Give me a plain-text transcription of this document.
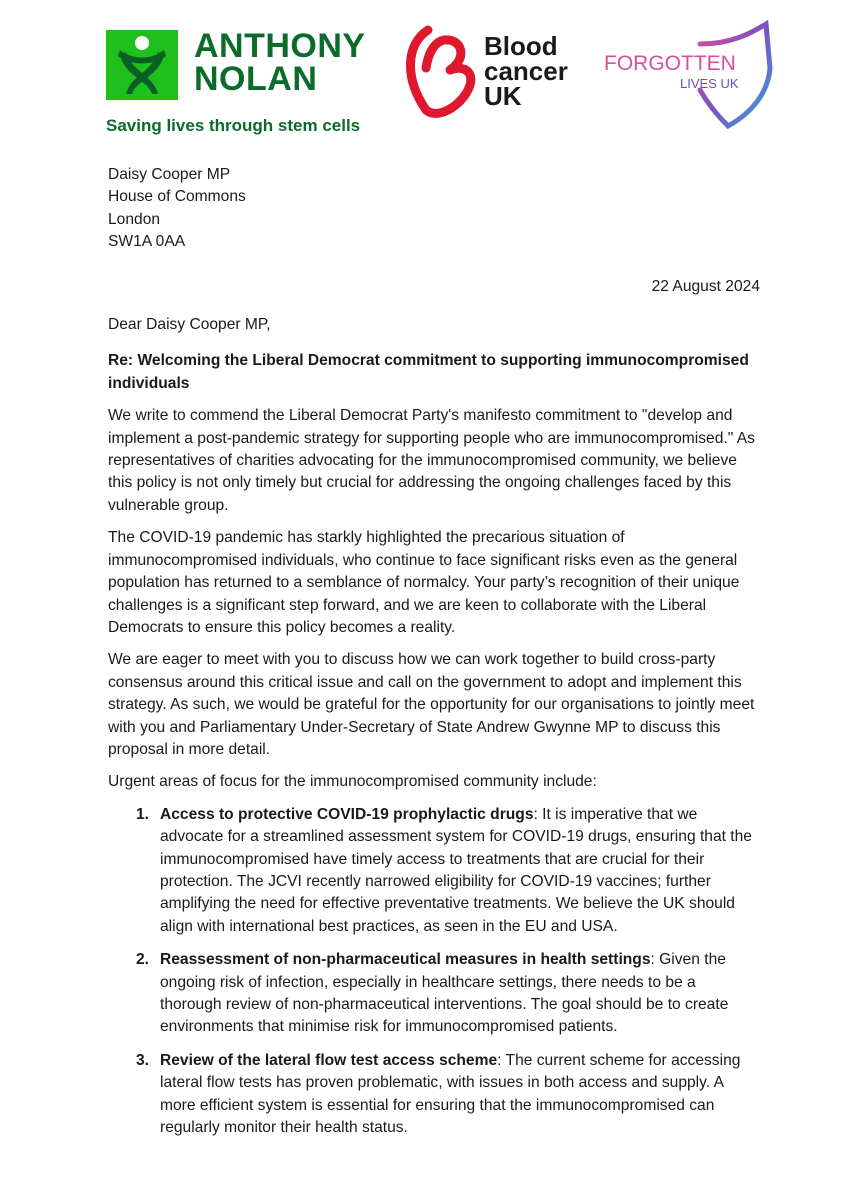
ANTHONY
NOLAN
Saving lives through stem cells
Blood
cancer
UK
FORGOTTEN
LIVES UK
Daisy Cooper MP
House of Commons
London
SW1A 0AA
22 August 2024
Dear Daisy Cooper MP,
Re: Welcoming the Liberal Democrat commitment to supporting immunocompromised individuals

We write to commend the Liberal Democrat Party's manifesto commitment to "develop and implement a post-pandemic strategy for supporting people who are immunocompromised." As representatives of charities advocating for the immunocompromised community, we believe this policy is not only timely but crucial for addressing the ongoing challenges faced by this vulnerable group.

The COVID-19 pandemic has starkly highlighted the precarious situation of immunocompromised individuals, who continue to face significant risks even as the general population has returned to a semblance of normalcy. Your party’s recognition of their unique challenges is a significant step forward, and we are keen to collaborate with the Liberal Democrats to ensure this policy becomes a reality.

We are eager to meet with you to discuss how we can work together to build cross-party consensus around this critical issue and call on the government to adopt and implement this strategy. As such, we would be grateful for the opportunity for our organisations to jointly meet with you and Parliamentary Under-Secretary of State Andrew Gwynne MP to discuss this proposal in more detail.

Urgent areas of focus for the immunocompromised community include:

1. Access to protective COVID-19 prophylactic drugs: It is imperative that we advocate for a streamlined assessment system for COVID-19 drugs, ensuring that the immunocompromised have timely access to treatments that are crucial for their protection. The JCVI recently narrowed eligibility for COVID-19 vaccines; further amplifying the need for effective preventative treatments. We believe the UK should align with international best practices, as seen in the EU and USA.
2. Reassessment of non-pharmaceutical measures in health settings: Given the ongoing risk of infection, especially in healthcare settings, there needs to be a thorough review of non-pharmaceutical interventions. The goal should be to create environments that minimise risk for immunocompromised patients.
3. Review of the lateral flow test access scheme: The current scheme for accessing lateral flow tests has proven problematic, with issues in both access and supply. A more efficient system is essential for ensuring that the immunocompromised can regularly monitor their health status.
